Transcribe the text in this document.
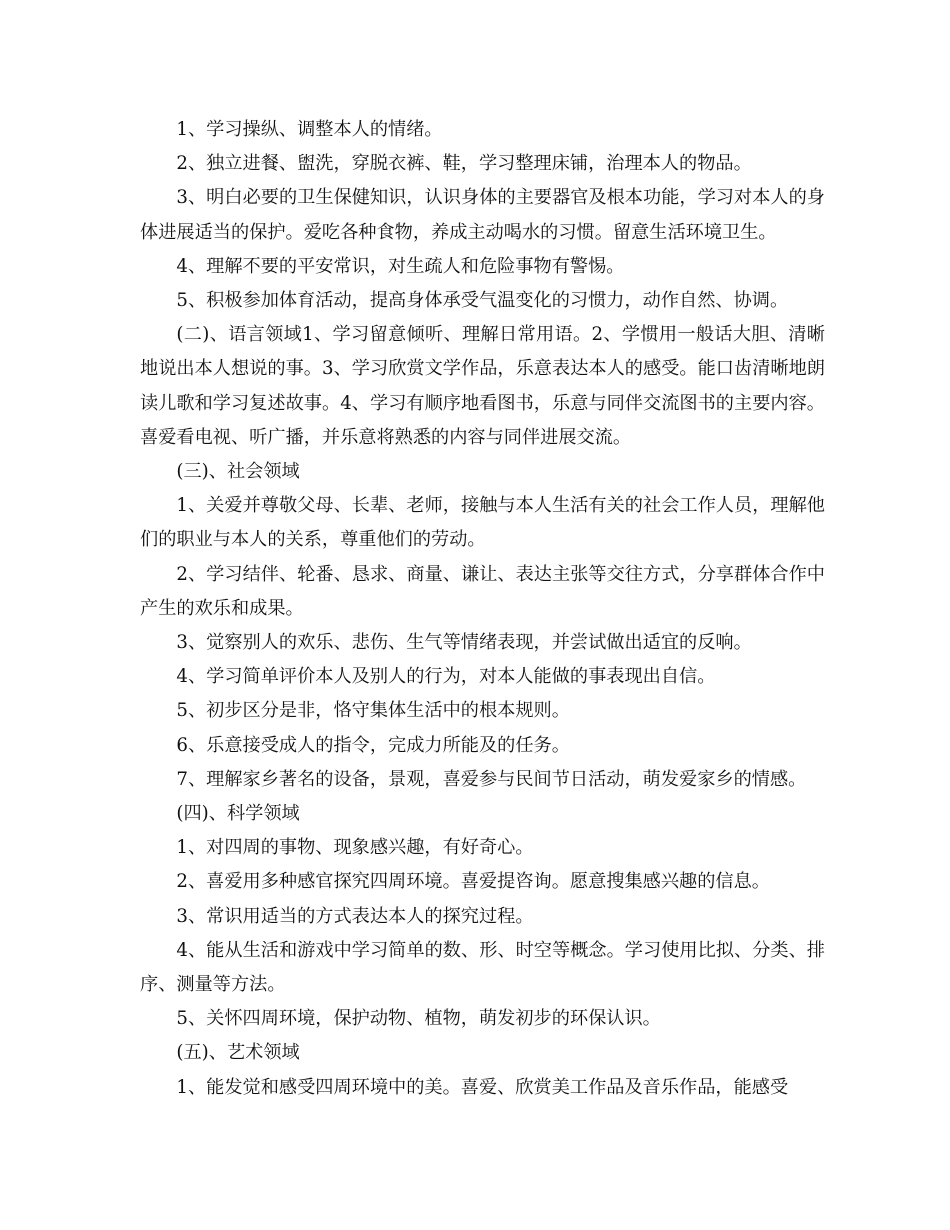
1、学习操纵、调整本人的情绪。

2、独立进餐、盥洗，穿脱衣裤、鞋，学习整理床铺，治理本人的物品。

3、明白必要的卫生保健知识，认识身体的主要器官及根本功能，学习对本人的身体进展适当的保护。爱吃各种食物，养成主动喝水的习惯。留意生活环境卫生。

4、理解不要的平安常识，对生疏人和危险事物有警惕。

5、积极参加体育活动，提高身体承受气温变化的习惯力，动作自然、协调。

(二)、语言领域1、学习留意倾听、理解日常用语。2、学惯用一般话大胆、清晰地说出本人想说的事。3、学习欣赏文学作品，乐意表达本人的感受。能口齿清晰地朗读儿歌和学习复述故事。4、学习有顺序地看图书，乐意与同伴交流图书的主要内容。喜爱看电视、听广播，并乐意将熟悉的内容与同伴进展交流。

(三)、社会领域

1、关爱并尊敬父母、长辈、老师，接触与本人生活有关的社会工作人员，理解他们的职业与本人的关系，尊重他们的劳动。

2、学习结伴、轮番、恳求、商量、谦让、表达主张等交往方式，分享群体合作中产生的欢乐和成果。

3、觉察别人的欢乐、悲伤、生气等情绪表现，并尝试做出适宜的反响。

4、学习简单评价本人及别人的行为，对本人能做的事表现出自信。

5、初步区分是非，恪守集体生活中的根本规则。

6、乐意接受成人的指令，完成力所能及的任务。

7、理解家乡著名的设备，景观，喜爱参与民间节日活动，萌发爱家乡的情感。

(四)、科学领域

1、对四周的事物、现象感兴趣，有好奇心。

2、喜爱用多种感官探究四周环境。喜爱提咨询。愿意搜集感兴趣的信息。

3、常识用适当的方式表达本人的探究过程。

4、能从生活和游戏中学习简单的数、形、时空等概念。学习使用比拟、分类、排序、测量等方法。

5、关怀四周环境，保护动物、植物，萌发初步的环保认识。

(五)、艺术领域

1、能发觉和感受四周环境中的美。喜爱、欣赏美工作品及音乐作品，能感受
